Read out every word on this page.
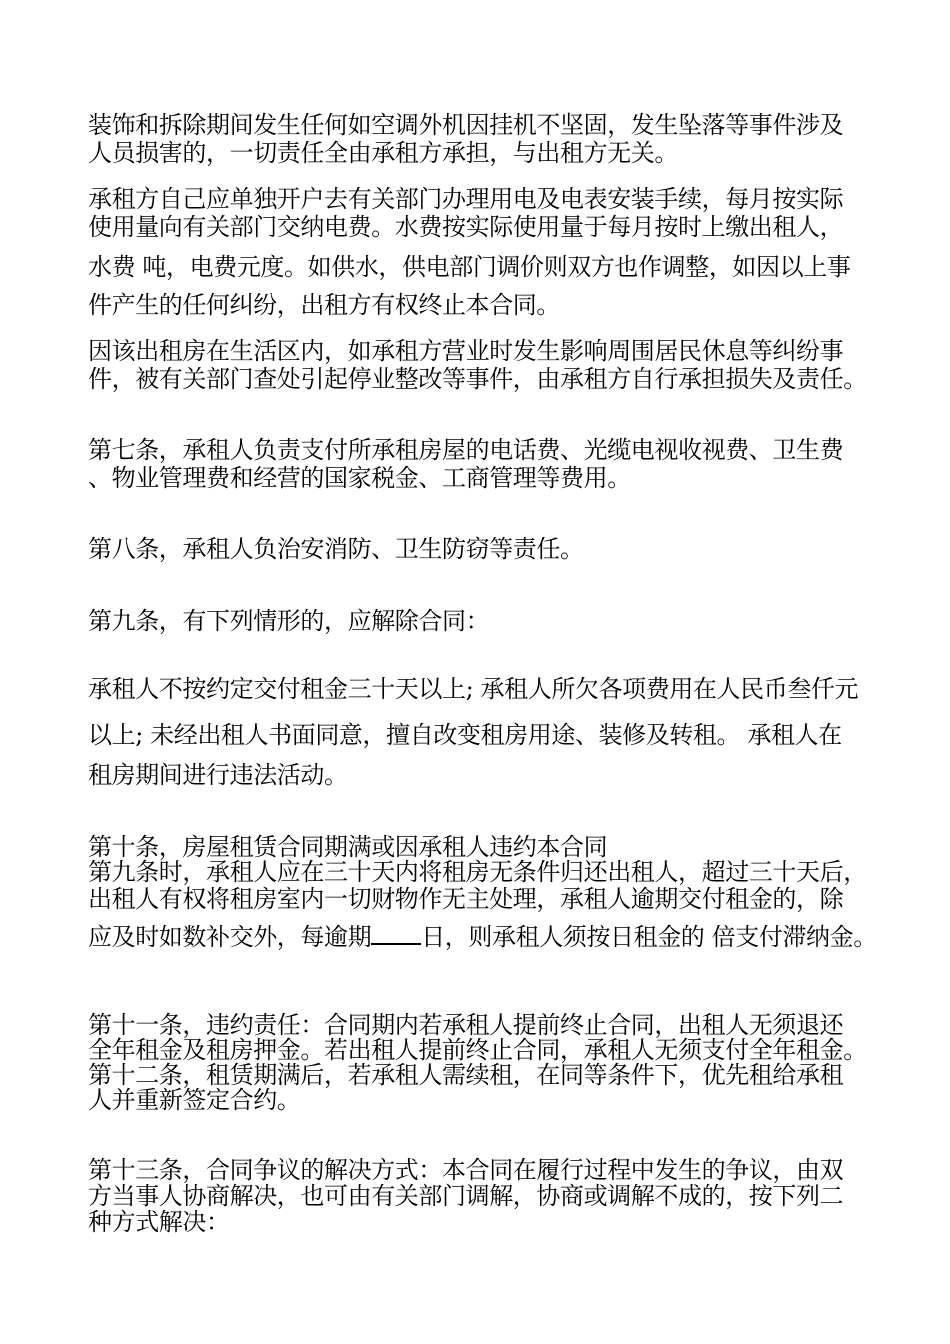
装饰和拆除期间发生任何如空调外机因挂机不坚固，发生坠落等事件涉及
人员损害的，一切责任全由承租方承担，与出租方无关。
承租方自己应单独开户去有关部门办理用电及电表安装手续，每月按实际
使用量向有关部门交纳电费。水费按实际使用量于每月按时上缴出租人，
水费 吨，电费元度。如供水，供电部门调价则双方也作调整，如因以上事
件产生的任何纠纷，出租方有权终止本合同。
因该出租房在生活区内，如承租方营业时发生影响周围居民休息等纠纷事
件，被有关部门查处引起停业整改等事件，由承租方自行承担损失及责任。
第七条，承租人负责支付所承租房屋的电话费、光缆电视收视费、卫生费
、物业管理费和经营的国家税金、工商管理等费用。
第八条，承租人负治安消防、卫生防窃等责任。
第九条，有下列情形的，应解除合同：
承租人不按约定交付租金三十天以上; 承租人所欠各项费用在人民币叁仟元
以上; 未经出租人书面同意，擅自改变租房用途、装修及转租。 承租人在
租房期间进行违法活动。
第十条，房屋租赁合同期满或因承租人违约本合同
第九条时，承租人应在三十天内将租房无条件归还出租人，超过三十天后，
出租人有权将租房室内一切财物作无主处理，承租人逾期交付租金的，除
应及时如数补交外，每逾期 日，则承租人须按日租金的 倍支付滞纳金。
第十一条，违约责任：合同期内若承租人提前终止合同，出租人无须退还
全年租金及租房押金。若出租人提前终止合同，承租人无须支付全年租金。
第十二条，租赁期满后，若承租人需续租，在同等条件下，优先租给承租
人并重新签定合约。
第十三条，合同争议的解决方式：本合同在履行过程中发生的争议，由双
方当事人协商解决，也可由有关部门调解，协商或调解不成的，按下列二
种方式解决：
